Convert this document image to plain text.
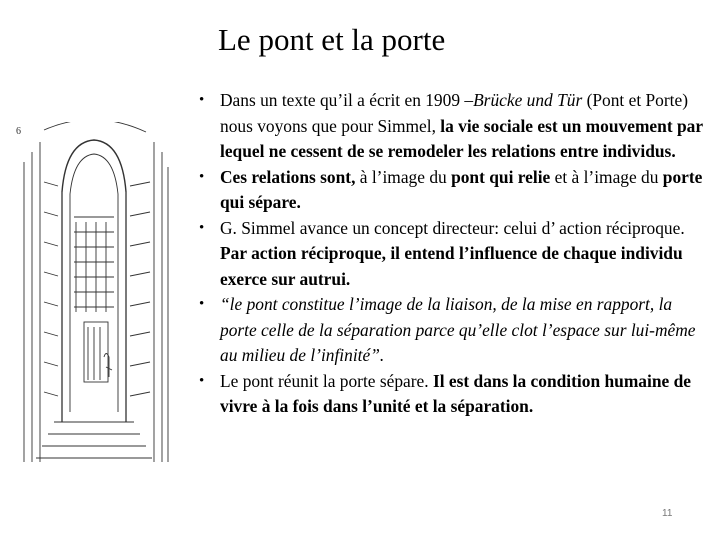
Le pont et la porte
6
• Dans un texte qu’il a écrit en 1909 –Brücke und Tür (Pont et Porte) nous voyons que pour Simmel, la vie sociale est un mouvement par lequel ne cessent de se remodeler les relations entre individus.
• Ces relations sont, à l’image du pont qui relie et à l’image du porte qui sépare.
• G. Simmel avance un concept directeur: celui d’ action réciproque. Par action réciproque, il entend l’influence de chaque individu exerce sur autrui.
• “le pont constitue l’image de la liaison, de la mise en rapport, la porte celle de la séparation parce qu’elle clot l’espace sur lui-même au milieu de l’infinité”.
• Le pont réunit la porte sépare. Il est dans la condition humaine de vivre à la fois dans l’unité et la séparation.
11
